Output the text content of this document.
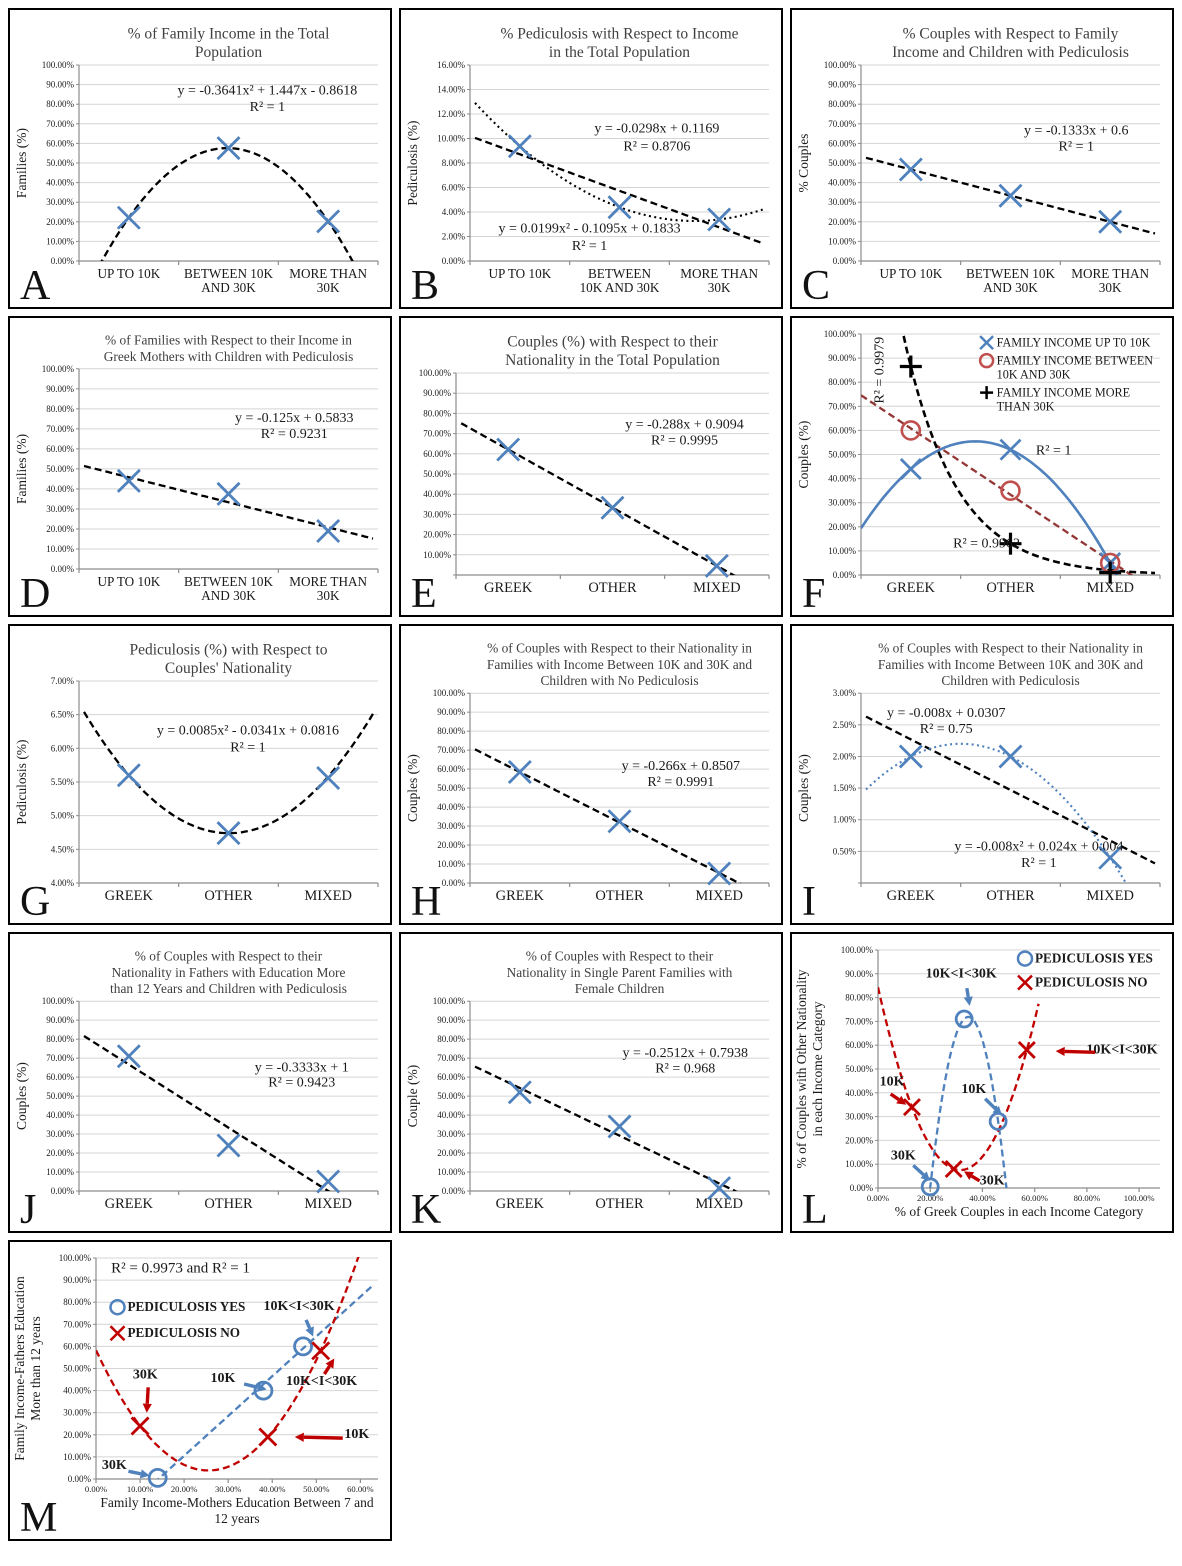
% of Family Income in the Total
Population
0.00%
10.00%
20.00%
30.00%
40.00%
50.00%
60.00%
70.00%
80.00%
90.00%
100.00%
UP TO 10K BETWEEN 10K
AND 30K
MORE THAN
30K
Families (%)
y = -0.3641x² + 1.447x - 0.8618
R² = 1
A
% Pediculosis with Respect to Income
in the Total Population
0.00%
2.00%
4.00%
6.00%
8.00%
10.00%
12.00%
14.00%
16.00%
UP TO 10K	BETWEEN
10K AND 30K
MORE THAN
30K
Pediculosis (%)	y = -0.0298x + 0.1169
R² = 0.8706
y = 0.0199x² - 0.1095x + 0.1833
R² = 1
B
% Couples with Respect to Family
Income and Children with Pediculosis
0.00%
10.00%
20.00%
30.00%
40.00%
50.00%
60.00%
70.00%
80.00%
90.00%
100.00%
UP TO 10K BETWEEN 10K
AND 30K
MORE THAN
30K
% Couples
y = -0.1333x + 0.6
R² = 1
C
% of Families with Respect to their Income in
Greek Mothers with Children with Pediculosis
0.00%
10.00%
20.00%
30.00%
40.00%
50.00%
60.00%
70.00%
80.00%
90.00%
100.00%
UP TO 10K BETWEEN 10K
AND 30K
MORE THAN
30K
Families (%)
y = -0.125x + 0.5833
R² = 0.9231
D
Couples (%) with Respect to their
Nationality in the Total Population
10.00%
20.00%
30.00%
40.00%
50.00%
60.00%
70.00%
80.00%
90.00%
100.00%
GREEK	OTHER	MIXED
y = -0.288x + 0.9094
R² = 0.9995
E	0.00%
10.00%
20.00%
30.00%
40.00%
50.00%
60.00%
70.00%
80.00%
90.00%
100.00%
GREEK	OTHER	MIXED
Couples (%)	R² = 1
R² = 0.9962
R² = 0.9979	FAMILY INCOME UP T0 10K
FAMILY INCOME BETWEEN
10K AND 30K
FAMILY INCOME MORE
THAN 30K
F
Pediculosis (%) with Respect to
Couples' Nationality
4.00%
4.50%
5.00%
5.50%
6.00%
6.50%
7.00%
GREEK	OTHER	MIXED
Pediculosis (%)
y = 0.0085x² - 0.0341x + 0.0816
R² = 1
G
% of Couples with Respect to their Nationality in
Families with Income Between 10K and 30K and
Children with No Pediculosis
0.00%
10.00%
20.00%
30.00%
40.00%
50.00%
60.00%
70.00%
80.00%
90.00%
100.00%
GREEK	OTHER	MIXED
Couples (%)	y = -0.266x + 0.8507
R² = 0.9991
H
% of Couples with Respect to their Nationality in
Families with Income Between 10K and 30K and
Children with Pediculosis
0.50%
1.00%
1.50%
2.00%
2.50%
3.00%
GREEK	OTHER	MIXED
Couples (%)
y = -0.008x + 0.0307
R² = 0.75
y = -0.008x² + 0.024x + 0.004
R² = 1
I
% of Couples with Respect to their
Nationality in Fathers with Education More
than 12 Years and Children with Pediculosis
0.00%
10.00%
20.00%
30.00%
40.00%
50.00%
60.00%
70.00%
80.00%
90.00%
100.00%
GREEK	OTHER	MIXED
Couples (%)	y = -0.3333x + 1
R² = 0.9423
J
% of Couples with Respect to their
Nationality in Single Parent Families with
Female Children
0.00%
10.00%
20.00%
30.00%
40.00%
50.00%
60.00%
70.00%
80.00%
90.00%
100.00%
GREEK	OTHER	MIXED
Couple (%)
y = -0.2512x + 0.7938
R² = 0.968
K	0.00%
10.00%
20.00%
30.00%
40.00%
50.00%
60.00%
70.00%
80.00%
90.00%
100.00%
0.00%	20.00%	40.00%	60.00%	80.00%	100.00%
% of Greek Couples in each Income Category
% of Couples with Other Nationality in each Income Category
10K<I<30K
10K<I<30K
10K	10K
30K
30K
PEDICULOSIS YES
PEDICULOSIS NO
L
0.00%
10.00%
20.00%
30.00%
40.00%
50.00%
60.00%
70.00%
80.00%
90.00%
100.00%
0.00% 10.00% 20.00% 30.00% 40.00% 50.00% 60.00%
Family Income-Mothers Education Between 7 and
12 years
Family Income-Fathers Education More than 12 years
R² = 0.9973 and R² = 1
30K	10K
10K<I<30K
10K<I<30K
10K
30K
PEDICULOSIS YES
PEDICULOSIS NO
M
